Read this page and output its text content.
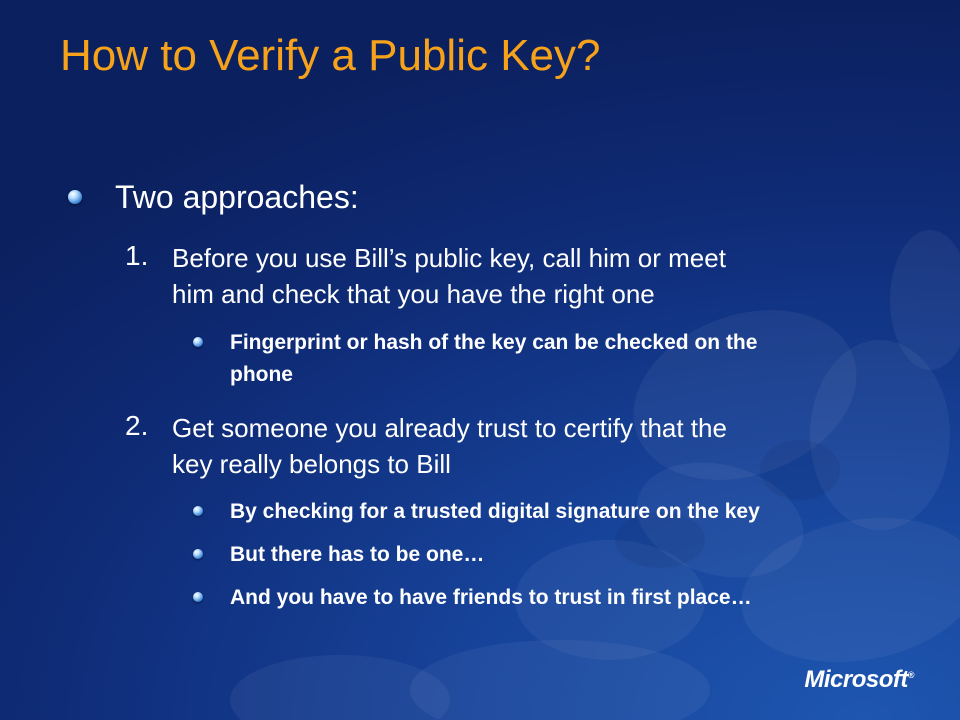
How to Verify a Public Key?
Two approaches:
1. Before you use Bill’s public key, call him or meet
him and check that you have the right one
Fingerprint or hash of the key can be checked on the
phone
2. Get someone you already trust to certify that the
key really belongs to Bill
By checking for a trusted digital signature on the key
But there has to be one…
And you have to have friends to trust in first place…
Microsoft®
